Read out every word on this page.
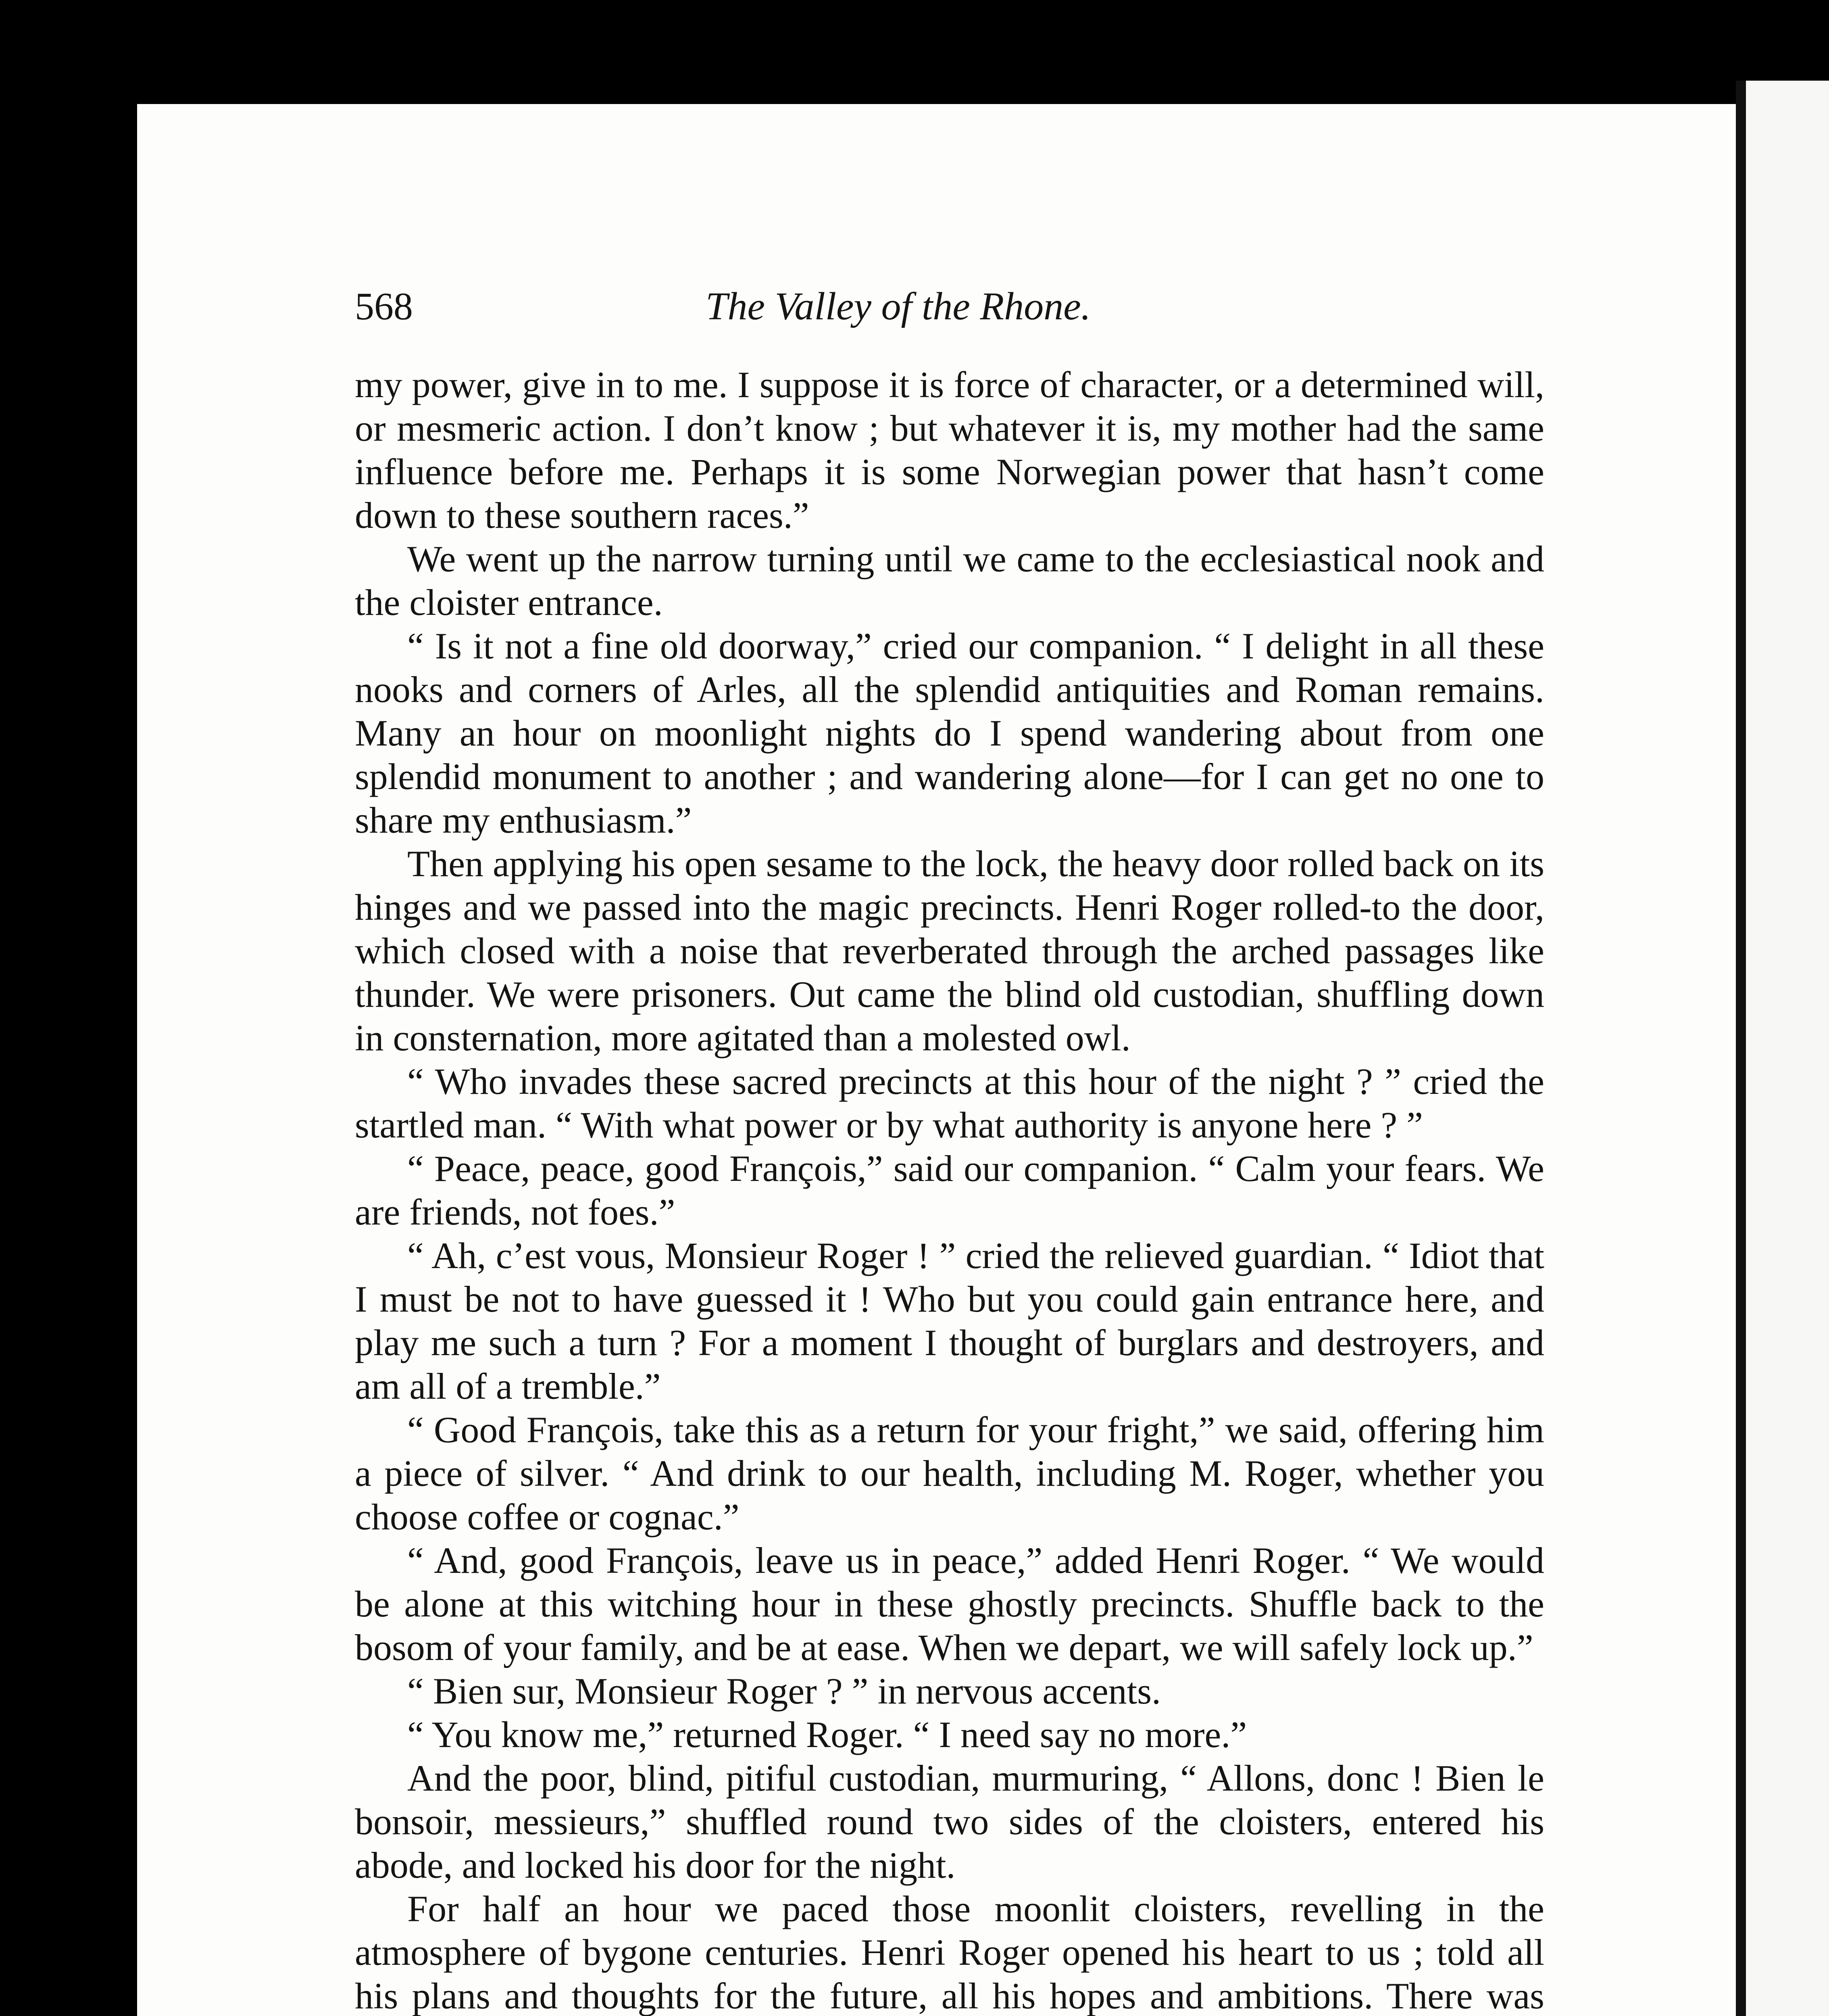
568	The Valley of the Rhone.

my power, give in to me. I suppose it is force of character, or a determined will, or mesmeric action. I don’t know ; but whatever it is, my mother had the same influence before me. Perhaps it is some Norwegian power that hasn’t come down to these southern races.”

We went up the narrow turning until we came to the ecclesiastical nook and the cloister entrance.

“ Is it not a fine old doorway,” cried our companion. “ I delight in all these nooks and corners of Arles, all the splendid antiquities and Roman remains. Many an hour on moonlight nights do I spend wandering about from one splendid monument to another ; and wandering alone—for I can get no one to share my enthusiasm.”

Then applying his open sesame to the lock, the heavy door rolled back on its hinges and we passed into the magic precincts. Henri Roger rolled-to the door, which closed with a noise that reverberated through the arched passages like thunder. We were prisoners. Out came the blind old custodian, shuffling down in consternation, more agitated than a molested owl.

“ Who invades these sacred precincts at this hour of the night ? ” cried the startled man. “ With what power or by what authority is anyone here ? ”

“ Peace, peace, good François,” said our companion. “ Calm your fears. We are friends, not foes.”

“ Ah, c’est vous, Monsieur Roger ! ” cried the relieved guardian. “ Idiot that I must be not to have guessed it ! Who but you could gain entrance here, and play me such a turn ? For a moment I thought of burglars and destroyers, and am all of a tremble.”

“ Good François, take this as a return for your fright,” we said, offering him a piece of silver. “ And drink to our health, including M. Roger, whether you choose coffee or cognac.”

“ And, good François, leave us in peace,” added Henri Roger. “ We would be alone at this witching hour in these ghostly precincts. Shuffle back to the bosom of your family, and be at ease. When we depart, we will safely lock up.”

“ Bien sur, Monsieur Roger ? ” in nervous accents.

“ You know me,” returned Roger. “ I need say no more.”

And the poor, blind, pitiful custodian, murmuring, “ Allons, donc ! Bien le bonsoir, messieurs,” shuffled round two sides of the cloisters, entered his abode, and locked his door for the night.

For half an hour we paced those moonlit cloisters, revelling in the atmosphere of bygone centuries. Henri Roger opened his heart to us ; told all his plans and thoughts for the future, all his hopes and ambitions. There was
